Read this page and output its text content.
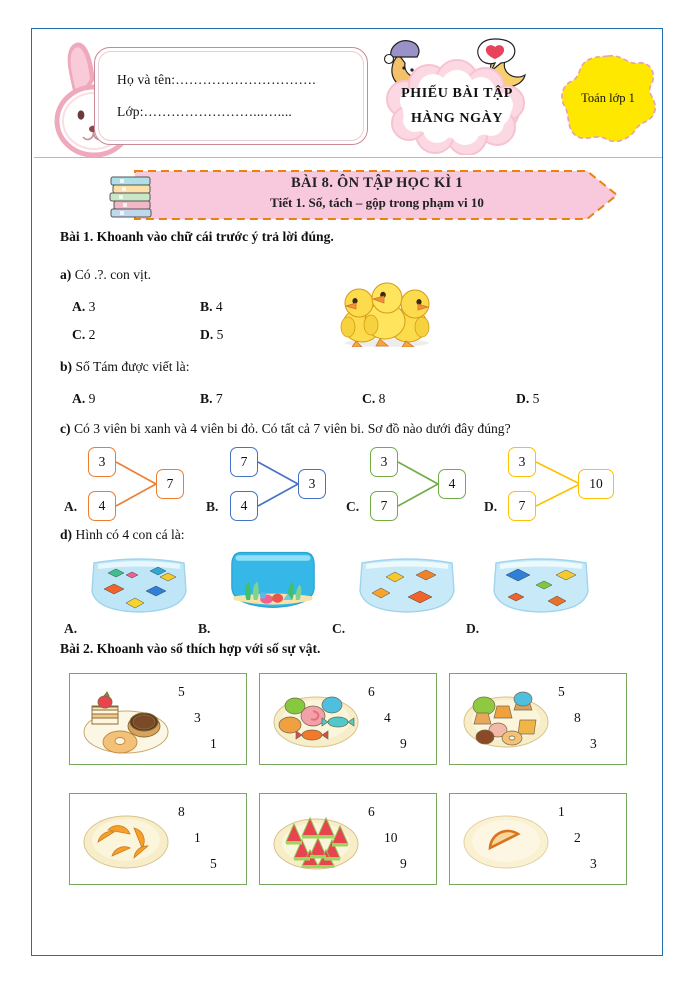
Họ và tên:………………………….
Lớp:……………………...…....
PHIẾU BÀI TẬP
HÀNG NGÀY
Toán lớp 1
BÀI 8. ÔN TẬP HỌC KÌ 1
Tiết 1. Số, tách – gộp trong phạm vi 10
Bài 1. Khoanh vào chữ cái trước ý trả lời đúng.
a) Có .?. con vịt.
A. 3	B. 4
C. 2	D. 5
b) Số Tám được viết là:
A. 9	B. 7	C. 8	D. 5
c) Có 3 viên bi xanh và 4 viên bi đỏ. Có tất cả 7 viên bi. Sơ đồ nào dưới đây đúng?
3
4
7
A.
7
4
3
B.
3
7
4
C.
3
7
10
D.
d) Hình có 4 con cá là:
A.	B.	C.	D.
Bài 2. Khoanh vào số thích hợp với số sự vật.
5
3
1
6
4
9
5
8
3
8
1
5
6
10
9
1
2
3
